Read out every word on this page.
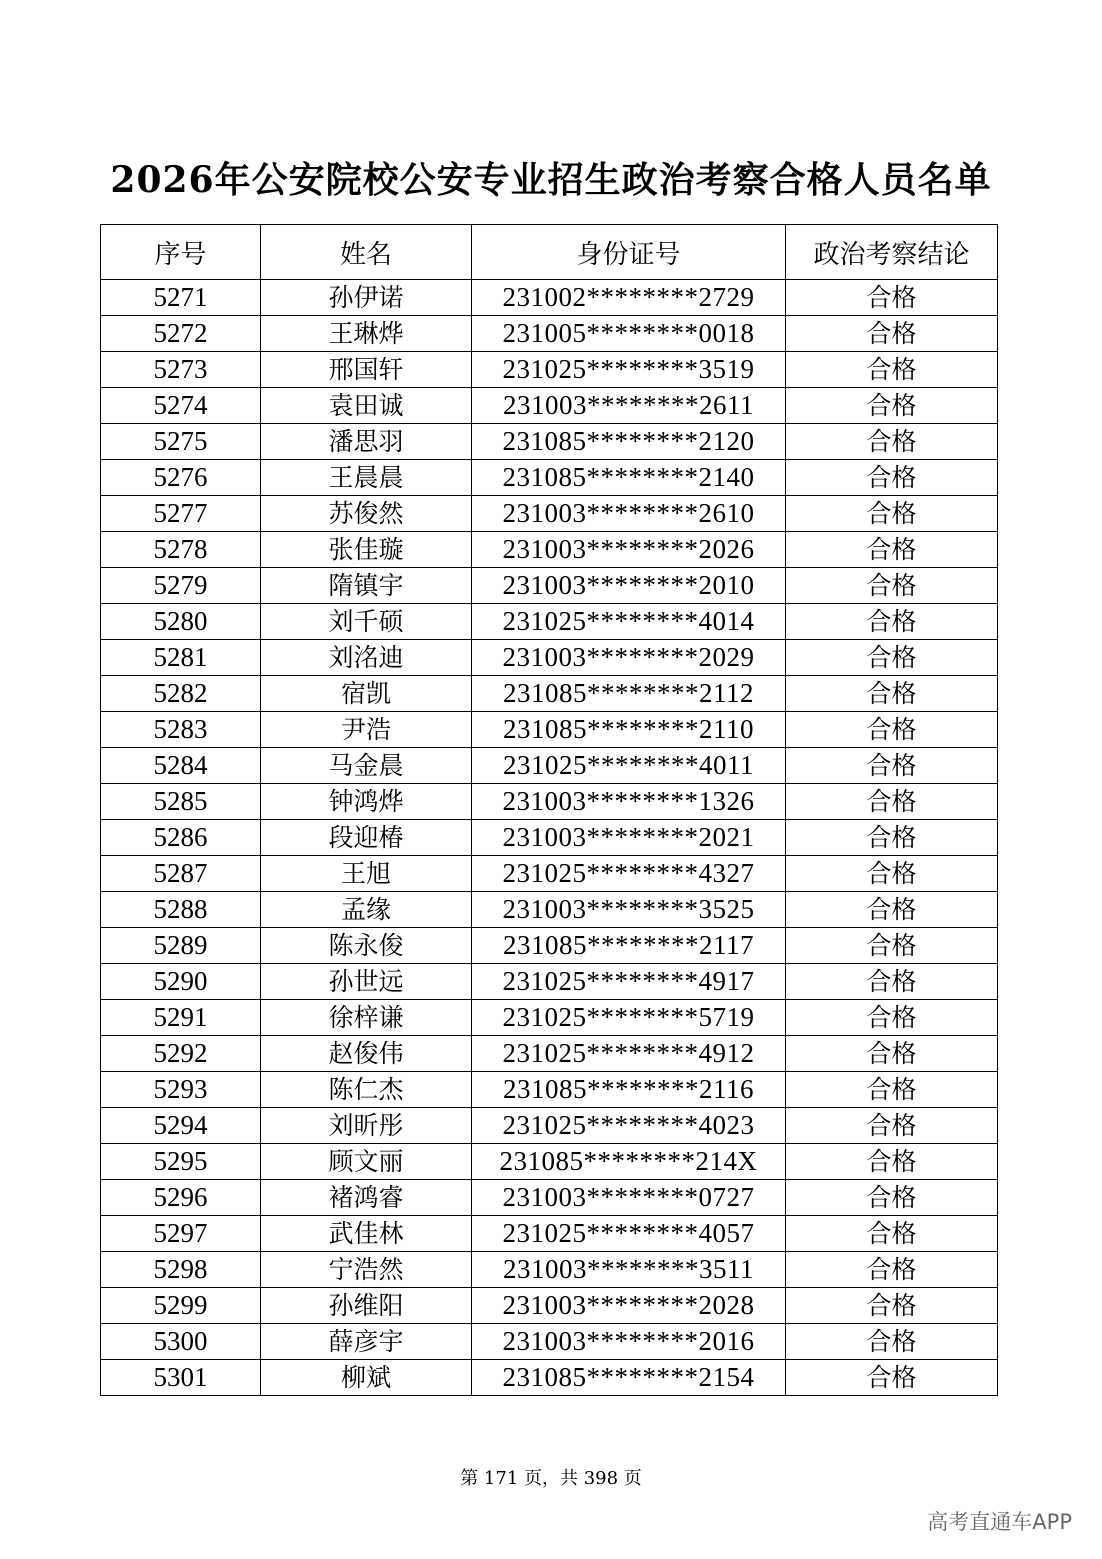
2026年公安院校公安专业招生政治考察合格人员名单
序号	姓名	身份证号	政治考察结论
5271	孙伊诺	231002********2729	合格
5272	王琳烨	231005********0018	合格
5273	邢国轩	231025********3519	合格
5274	袁田诚	231003********2611	合格
5275	潘思羽	231085********2120	合格
5276	王晨晨	231085********2140	合格
5277	苏俊然	231003********2610	合格
5278	张佳璇	231003********2026	合格
5279	隋镇宇	231003********2010	合格
5280	刘千硕	231025********4014	合格
5281	刘洺迪	231003********2029	合格
5282	宿凯	231085********2112	合格
5283	尹浩	231085********2110	合格
5284	马金晨	231025********4011	合格
5285	钟鸿烨	231003********1326	合格
5286	段迎椿	231003********2021	合格
5287	王旭	231025********4327	合格
5288	孟缘	231003********3525	合格
5289	陈永俊	231085********2117	合格
5290	孙世远	231025********4917	合格
5291	徐梓谦	231025********5719	合格
5292	赵俊伟	231025********4912	合格
5293	陈仁杰	231085********2116	合格
5294	刘昕彤	231025********4023	合格
5295	顾文丽	231085********214X	合格
5296	褚鸿睿	231003********0727	合格
5297	武佳林	231025********4057	合格
5298	宁浩然	231003********3511	合格
5299	孙维阳	231003********2028	合格
5300	薛彦宇	231003********2016	合格
5301	柳斌	231085********2154	合格
第 171 页，共 398 页
高考直通车APP
